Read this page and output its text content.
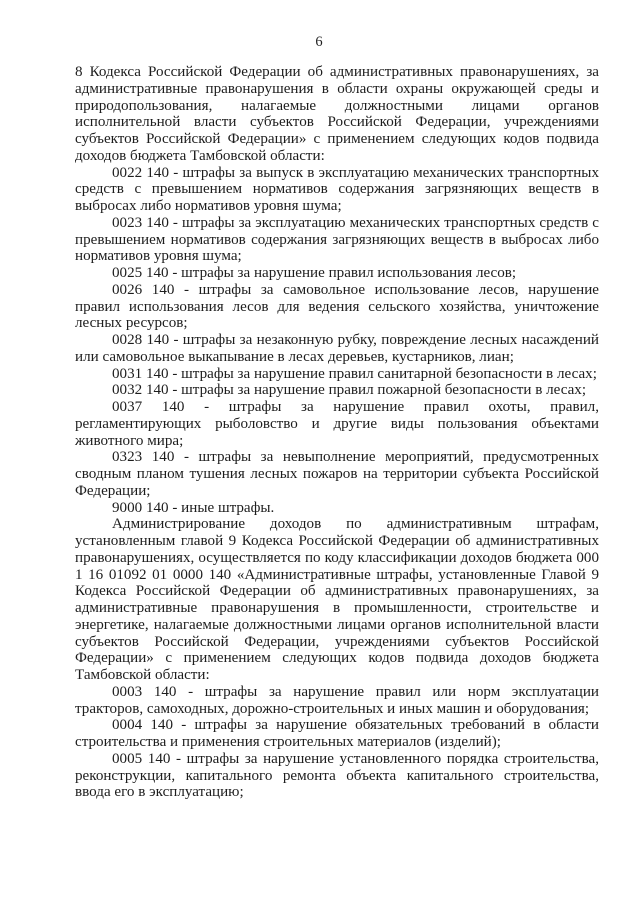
6

8 Кодекса Российской Федерации об административных правонарушениях, за административные правонарушения в области охраны окружающей среды и природопользования, налагаемые должностными лицами органов исполнительной власти субъектов Российской Федерации, учреждениями субъектов Российской Федерации» с применением следующих кодов подвида доходов бюджета Тамбовской области:

0022 140 - штрафы за выпуск в эксплуатацию механических транспортных средств с превышением нормативов содержания загрязняющих веществ в выбросах либо нормативов уровня шума;

0023 140 - штрафы за эксплуатацию механических транспортных средств с превышением нормативов содержания загрязняющих веществ в выбросах либо нормативов уровня шума;

0025 140 - штрафы за нарушение правил использования лесов;

0026 140 - штрафы за самовольное использование лесов, нарушение правил использования лесов для ведения сельского хозяйства, уничтожение лесных ресурсов;

0028 140 - штрафы за незаконную рубку, повреждение лесных насаждений или самовольное выкапывание в лесах деревьев, кустарников, лиан;

0031 140 - штрафы за нарушение правил санитарной безопасности в лесах;

0032 140 - штрафы за нарушение правил пожарной безопасности в лесах;

0037 140 - штрафы за нарушение правил охоты, правил, регламентирующих рыболовство и другие виды пользования объектами животного мира;

0323 140 - штрафы за невыполнение мероприятий, предусмотренных сводным планом тушения лесных пожаров на территории субъекта Российской Федерации;

9000 140 - иные штрафы.

Администрирование доходов по административным штрафам, установленным главой 9 Кодекса Российской Федерации об административных правонарушениях, осуществляется по коду классификации доходов бюджета 000 1 16 01092 01 0000 140 «Административные штрафы, установленные Главой 9 Кодекса Российской Федерации об административных правонарушениях, за административные правонарушения в промышленности, строительстве и энергетике, налагаемые должностными лицами органов исполнительной власти субъектов Российской Федерации, учреждениями субъектов Российской Федерации» с применением следующих кодов подвида доходов бюджета Тамбовской области:

0003 140 - штрафы за нарушение правил или норм эксплуатации тракторов, самоходных, дорожно-строительных и иных машин и оборудования;

0004 140 - штрафы за нарушение обязательных требований в области строительства и применения строительных материалов (изделий);

0005 140 - штрафы за нарушение установленного порядка строительства, реконструкции, капитального ремонта объекта капитального строительства, ввода его в эксплуатацию;
